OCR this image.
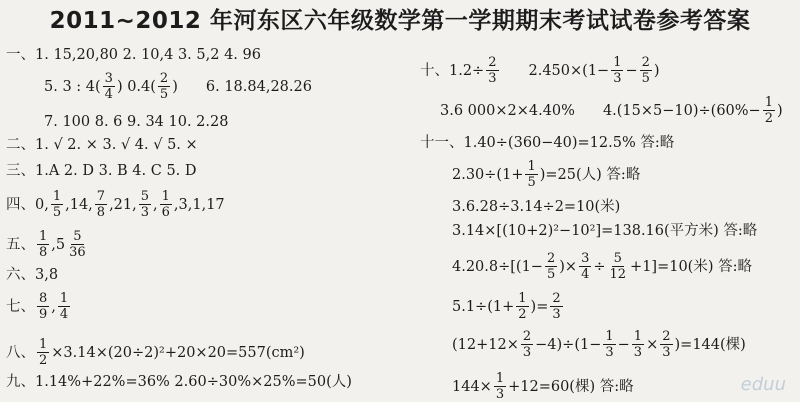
2011~2012 年河东区六年级数学第一学期期末考试试卷参考答案
一、1. 15,20,80 2. 10,4 3. 5,2 4. 96
5. 3 : $4( \frac{3}{4}$ ) $0.4( \frac{2}{5}$ ) 6. 18.84,28.26
7. 100 8. 6 9. 34 10. 2.28
二、1. √ 2. × 3. √ 4. √ 5. ×
三、1.A 2. D 3. B 4. C 5. D
四、0, $\frac{1}{5} ,14$, $\frac{7}{8} ,21$, $\frac{5}{3}$ , $\frac{1}{6} ,3,1,17$
五、 $\frac{1}{8} ,5 \frac{5}{36}$
六、3,8
七、 $\frac{8}{9}$ , $\frac{1}{4}$
八、 $\frac{1}{2} \times 3.14\times(20\div 2)^2+20\times 20=557(cm^2)$
九、1.14%+22%=36% 2.60÷30%×25%=50(人)
十、$1.2\div \frac{2}{3} 2.450\times(1- \frac{1}{3} - \frac{2}{5}$ )
3.6 000×2×4.40% $4.(15\times 5-10)\div(60\%- \frac{1}{2}$ )
十一、1.40÷(360−40)=12.5% 答:略
$2.30\div(1+ \frac{1}{5} )=25$(人) 答:略
3.6.28÷3.14÷2=10(米)
3.14×[(10+2)²−10²]=138.16(平方米) 答:略
$4.20.8\div[(1- \frac{2}{5}$ )× $\frac{3}{4} \div \frac{5}{12} +1]=10$(米) 答:略
$5.1\div(1+ \frac{1}{2}$ )= $\frac{2}{3}$
$(12+12\times \frac{2}{3} -4)\div(1- \frac{1}{3} - \frac{1}{3} \times \frac{2}{3} )=144$(棵)
$144\times \frac{1}{3} +12=60$(棵) 答:略	eduu
